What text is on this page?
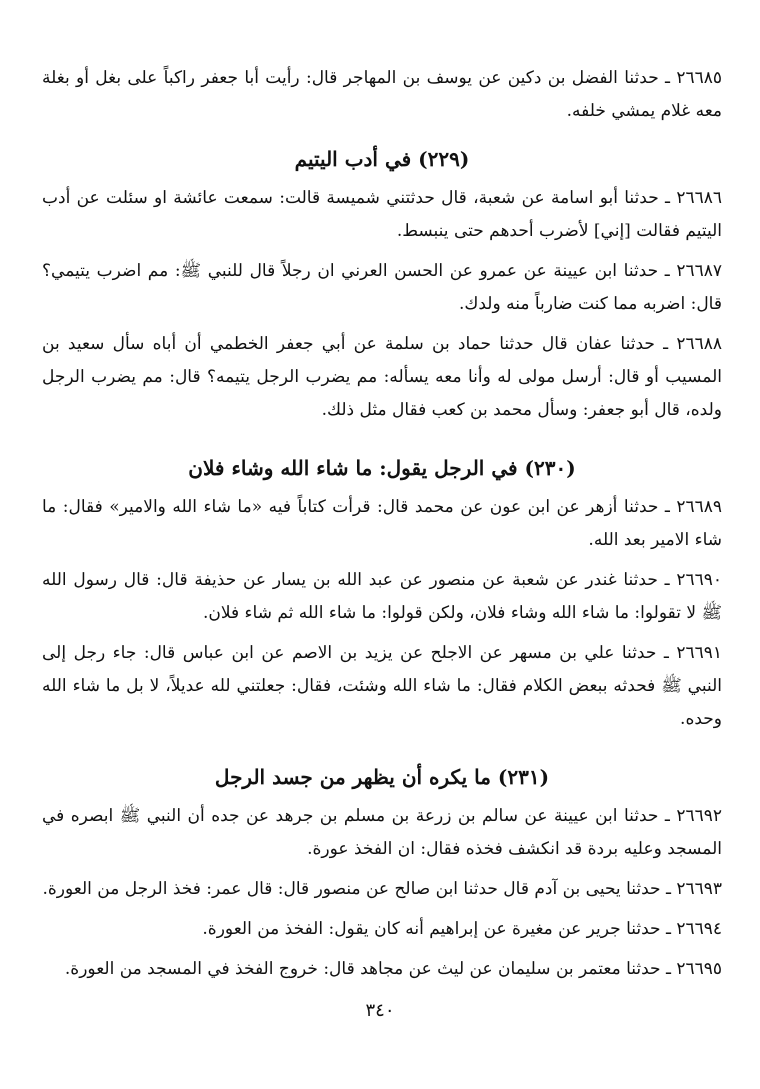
٢٦٦٨٥ ـ حدثنا الفضل بن دكين عن يوسف بن المهاجر قال: رأيت أبا جعفر راكباً على بغل أو بغلة معه غلام يمشي خلفه.

(٢٢٩) في أدب اليتيم

٢٦٦٨٦ ـ حدثنا أبو اسامة عن شعبة، قال حدثتني شميسة قالت: سمعت عائشة او سئلت عن أدب اليتيم فقالت [إني] لأضرب أحدهم حتى ينبسط.

٢٦٦٨٧ ـ حدثنا ابن عيينة عن عمرو عن الحسن العرني ان رجلاً قال للنبي ﷺ: مم اضرب يتيمي؟ قال: اضربه مما كنت ضارباً منه ولدك.

٢٦٦٨٨ ـ حدثنا عفان قال حدثنا حماد بن سلمة عن أبي جعفر الخطمي أن أباه سأل سعيد بن المسيب أو قال: أرسل مولى له وأنا معه يسأله: مم يضرب الرجل يتيمه؟ قال: مم يضرب الرجل ولده، قال أبو جعفر: وسأل محمد بن كعب فقال مثل ذلك.

(٢٣٠) في الرجل يقول: ما شاء الله وشاء فلان

٢٦٦٨٩ ـ حدثنا أزهر عن ابن عون عن محمد قال: قرأت كتاباً فيه «ما شاء الله والامير» فقال: ما شاء الامير بعد الله.

٢٦٦٩٠ ـ حدثنا غندر عن شعبة عن منصور عن عبد الله بن يسار عن حذيفة قال: قال رسول الله ﷺ لا تقولوا: ما شاء الله وشاء فلان، ولكن قولوا: ما شاء الله ثم شاء فلان.

٢٦٦٩١ ـ حدثنا علي بن مسهر عن الاجلح عن يزيد بن الاصم عن ابن عباس قال: جاء رجل إلى النبي ﷺ فحدثه ببعض الكلام فقال: ما شاء الله وشئت، فقال: جعلتني لله عديلاً، لا بل ما شاء الله وحده.

(٢٣١) ما يكره أن يظهر من جسد الرجل

٢٦٦٩٢ ـ حدثنا ابن عيينة عن سالم بن زرعة بن مسلم بن جرهد عن جده أن النبي ﷺ ابصره في المسجد وعليه بردة قد انكشف فخذه فقال: ان الفخذ عورة.

٢٦٦٩٣ ـ حدثنا يحيى بن آدم قال حدثنا ابن صالح عن منصور قال: قال عمر: فخذ الرجل من العورة.

٢٦٦٩٤ ـ حدثنا جرير عن مغيرة عن إبراهيم أنه كان يقول: الفخذ من العورة.

٢٦٦٩٥ ـ حدثنا معتمر بن سليمان عن ليث عن مجاهد قال: خروج الفخذ في المسجد من العورة.

٣٤٠
